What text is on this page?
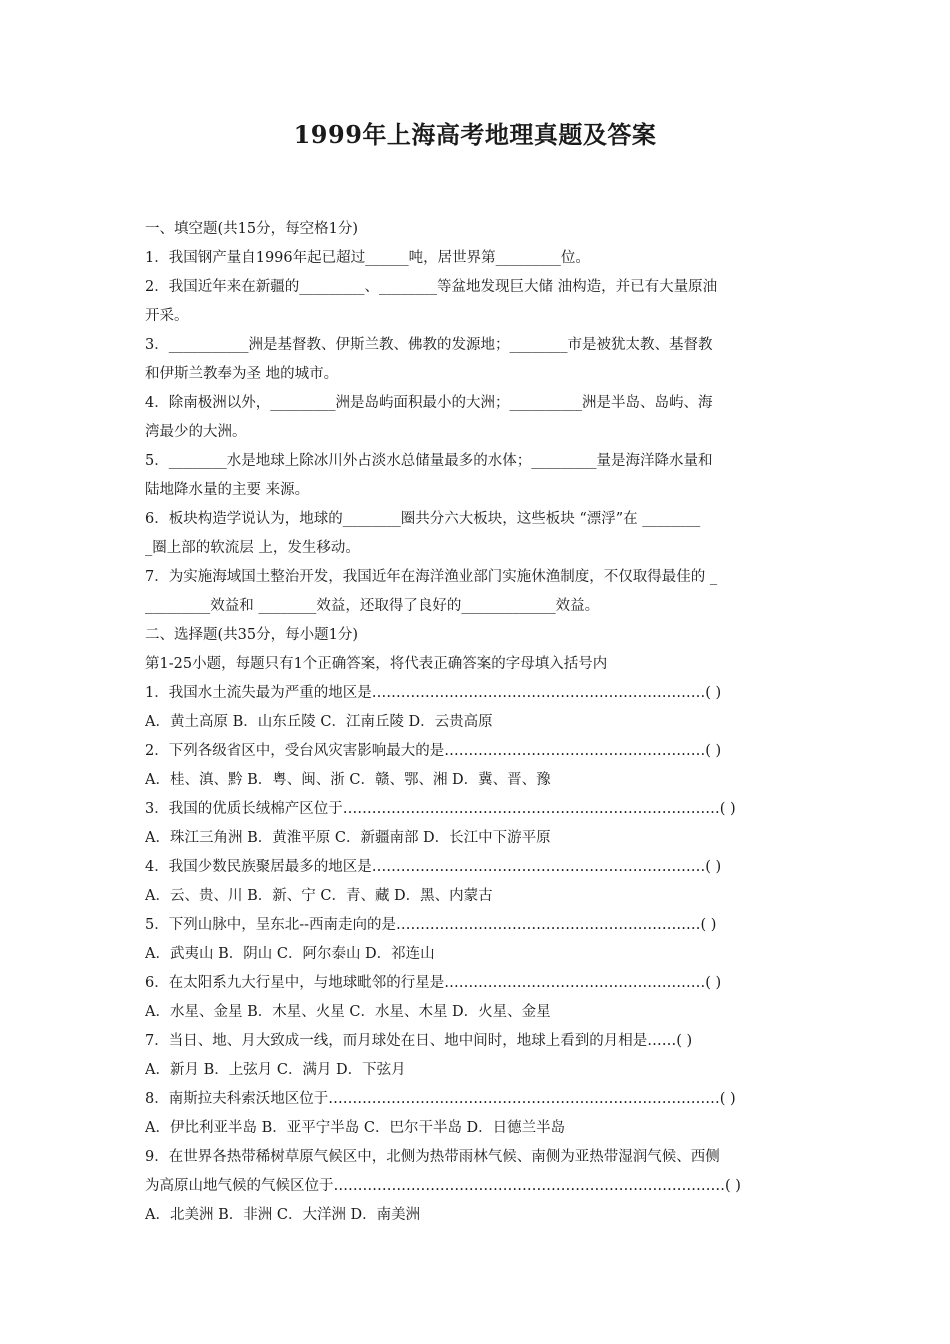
1999年上海高考地理真题及答案

一、填空题(共15分，每空格1分)

1．我国钢产量自1996年起已超过______吨，居世界第_________位。

2．我国近年来在新疆的_________、________等盆地发现巨大储 油构造，并已有大量原油

开采。

3．___________洲是基督教、伊斯兰教、佛教的发源地；________市是被犹太教、基督教

和伊斯兰教奉为圣 地的城市。

4．除南极洲以外，_________洲是岛屿面积最小的大洲；__________洲是半岛、岛屿、海

湾最少的大洲。

5．________水是地球上除冰川外占淡水总储量最多的水体；_________量是海洋降水量和

陆地降水量的主要 来源。

6．板块构造学说认为，地球的________圈共分六大板块，这些板块 “漂浮”在 ________

_圈上部的软流层 上，发生移动。

7．为实施海域国土整治开发，我国近年在海洋渔业部门实施休渔制度，不仅取得最佳的 _

_________效益和 ________效益，还取得了良好的_____________效益。

二、选择题(共35分，每小题1分)

第1-25小题，每题只有1个正确答案，将代表正确答案的字母填入括号内

1．我国水土流失最为严重的地区是……………………………………………………………( )

A．黄土高原 B．山东丘陵 C．江南丘陵 D．云贵高原

2．下列各级省区中，受台风灾害影响最大的是………………………………………………( )

A．桂、滇、黔 B．粤、闽、浙 C．赣、鄂、湘 D．冀、晋、豫

3．我国的优质长绒棉产区位于……………………………………………………………………( )

A．珠江三角洲 B．黄淮平原 C．新疆南部 D．长江中下游平原

4．我国少数民族聚居最多的地区是……………………………………………………………( )

A．云、贵、川 B．新、宁 C．青、藏 D．黑、内蒙古

5．下列山脉中，呈东北--西南走向的是………………………………………………………( )

A．武夷山 B．阴山 C．阿尔泰山 D．祁连山

6．在太阳系九大行星中，与地球毗邻的行星是………………………………………………( )

A．水星、金星 B．木星、火星 C．水星、木星 D．火星、金星

7．当日、地、月大致成一线，而月球处在日、地中间时，地球上看到的月相是……( )

A．新月 B．上弦月 C．满月 D．下弦月

8．南斯拉夫科索沃地区位于………………………………………………………………………( )

A．伊比利亚半岛 B．亚平宁半岛 C．巴尔干半岛 D．日德兰半岛

9．在世界各热带稀树草原气候区中，北侧为热带雨林气候、南侧为亚热带湿润气候、西侧

为高原山地气候的气候区位于………………………………………………………………………( )

A．北美洲 B．非洲 C．大洋洲 D．南美洲
